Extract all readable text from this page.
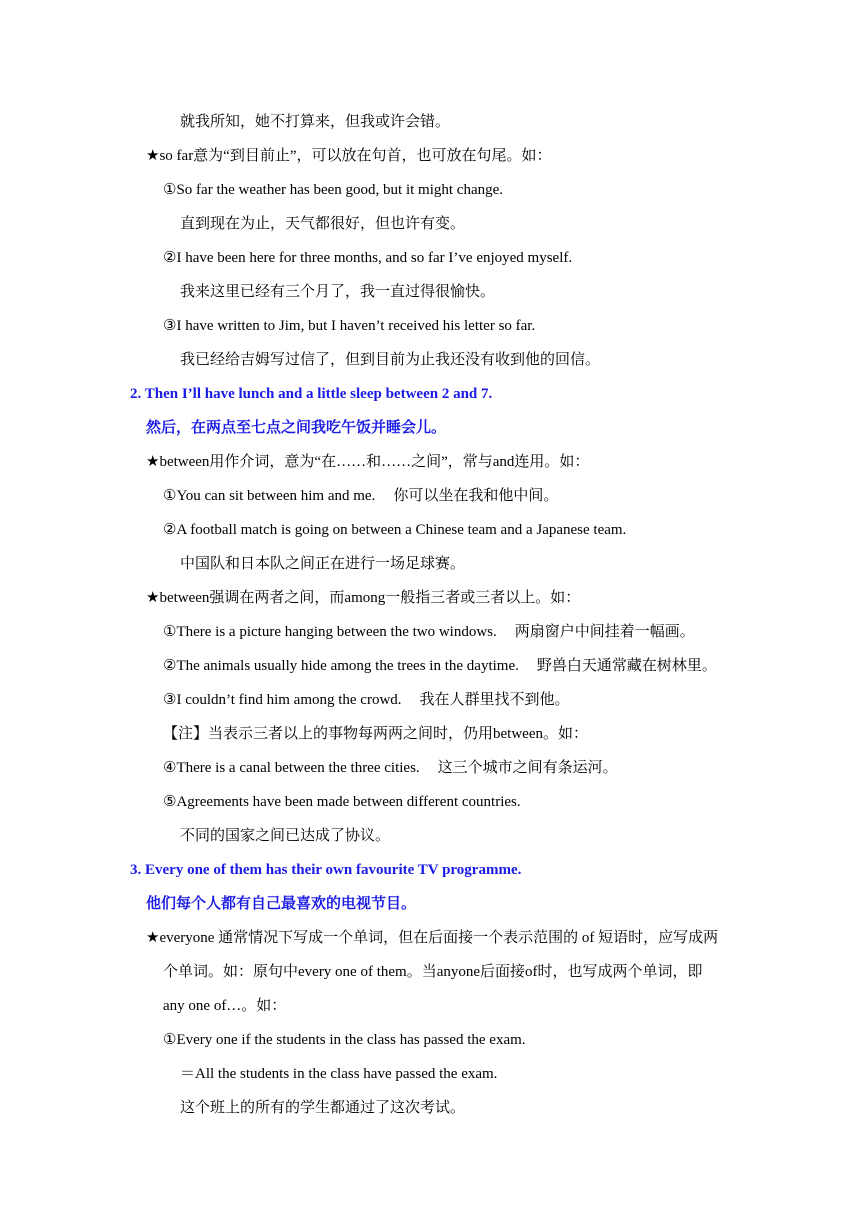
就我所知，她不打算来，但我或许会错。
★so far意为“到目前止”，可以放在句首，也可放在句尾。如：
①So far the weather has been good, but it might change.
直到现在为止，天气都很好，但也许有变。
②I have been here for three months, and so far I’ve enjoyed myself.
我来这里已经有三个月了，我一直过得很愉快。
③I have written to Jim, but I haven’t received his letter so far.
我已经给吉姆写过信了，但到目前为止我还没有收到他的回信。
2. Then I’ll have lunch and a little sleep between 2 and 7.
然后，在两点至七点之间我吃午饭并睡会儿。
★between用作介词，意为“在……和……之间”，常与and连用。如：
①You can sit between him and me. 你可以坐在我和他中间。
②A football match is going on between a Chinese team and a Japanese team.
中国队和日本队之间正在进行一场足球赛。
★between强调在两者之间，而among一般指三者或三者以上。如：
①There is a picture hanging between the two windows. 两扇窗户中间挂着一幅画。
②The animals usually hide among the trees in the daytime. 野兽白天通常藏在树林里。
③I couldn’t find him among the crowd. 我在人群里找不到他。
【注】当表示三者以上的事物每两两之间时，仍用between。如：
④There is a canal between the three cities. 这三个城市之间有条运河。
⑤Agreements have been made between different countries.
不同的国家之间已达成了协议。
3. Every one of them has their own favourite TV programme.
他们每个人都有自己最喜欢的电视节目。
★everyone 通常情况下写成一个单词，但在后面接一个表示范围的 of 短语时，应写成两
个单词。如：原句中every one of them。当anyone后面接of时，也写成两个单词，即
any one of…。如：
①Every one if the students in the class has passed the exam.
＝All the students in the class have passed the exam.
这个班上的所有的学生都通过了这次考试。
